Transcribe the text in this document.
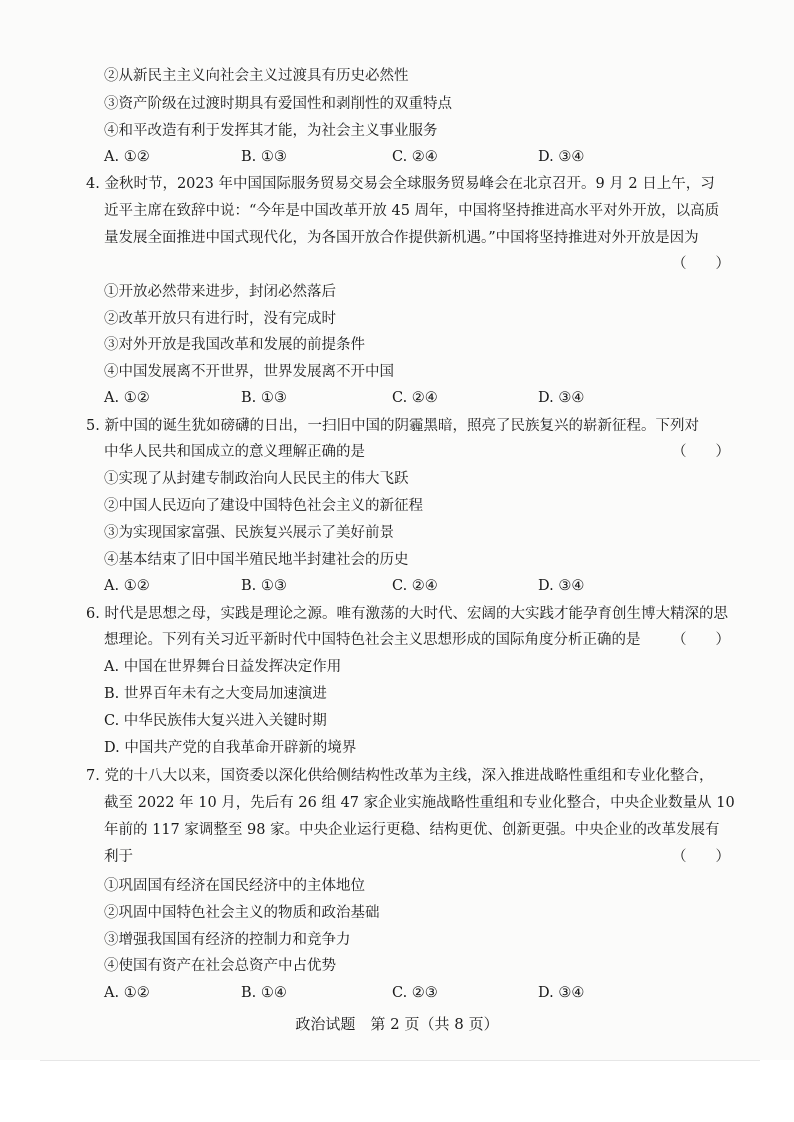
②从新民主主义向社会主义过渡具有历史必然性
③资产阶级在过渡时期具有爱国性和剥削性的双重特点
④和平改造有利于发挥其才能，为社会主义事业服务
A. ①②	B. ①③	C. ②④	D. ③④
4. 金秋时节，2023 年中国国际服务贸易交易会全球服务贸易峰会在北京召开。9 月 2 日上午，习
近平主席在致辞中说：“今年是中国改革开放 45 周年，中国将坚持推进高水平对外开放，以高质
量发展全面推进中国式现代化，为各国开放合作提供新机遇。”中国将坚持推进对外开放是因为
（　　）
①开放必然带来进步，封闭必然落后
②改革开放只有进行时，没有完成时
③对外开放是我国改革和发展的前提条件
④中国发展离不开世界，世界发展离不开中国
A. ①②	B. ①③	C. ②④	D. ③④
5. 新中国的诞生犹如磅礴的日出，一扫旧中国的阴霾黑暗，照亮了民族复兴的崭新征程。下列对
中华人民共和国成立的意义理解正确的是	（　　）
①实现了从封建专制政治向人民民主的伟大飞跃
②中国人民迈向了建设中国特色社会主义的新征程
③为实现国家富强、民族复兴展示了美好前景
④基本结束了旧中国半殖民地半封建社会的历史
A. ①②	B. ①③	C. ②④	D. ③④
6. 时代是思想之母，实践是理论之源。唯有激荡的大时代、宏阔的大实践才能孕育创生博大精深的思
想理论。下列有关习近平新时代中国特色社会主义思想形成的国际角度分析正确的是 （　　）
A. 中国在世界舞台日益发挥决定作用
B. 世界百年未有之大变局加速演进
C. 中华民族伟大复兴进入关键时期
D. 中国共产党的自我革命开辟新的境界
7. 党的十八大以来，国资委以深化供给侧结构性改革为主线，深入推进战略性重组和专业化整合，
截至 2022 年 10 月，先后有 26 组 47 家企业实施战略性重组和专业化整合，中央企业数量从 10
年前的 117 家调整至 98 家。中央企业运行更稳、结构更优、创新更强。中央企业的改革发展有
利于	（　　）
①巩固国有经济在国民经济中的主体地位
②巩固中国特色社会主义的物质和政治基础
③增强我国国有经济的控制力和竞争力
④使国有资产在社会总资产中占优势
A. ①②	B. ①④	C. ②③	D. ③④
政治试题　第 2 页（共 8 页）
